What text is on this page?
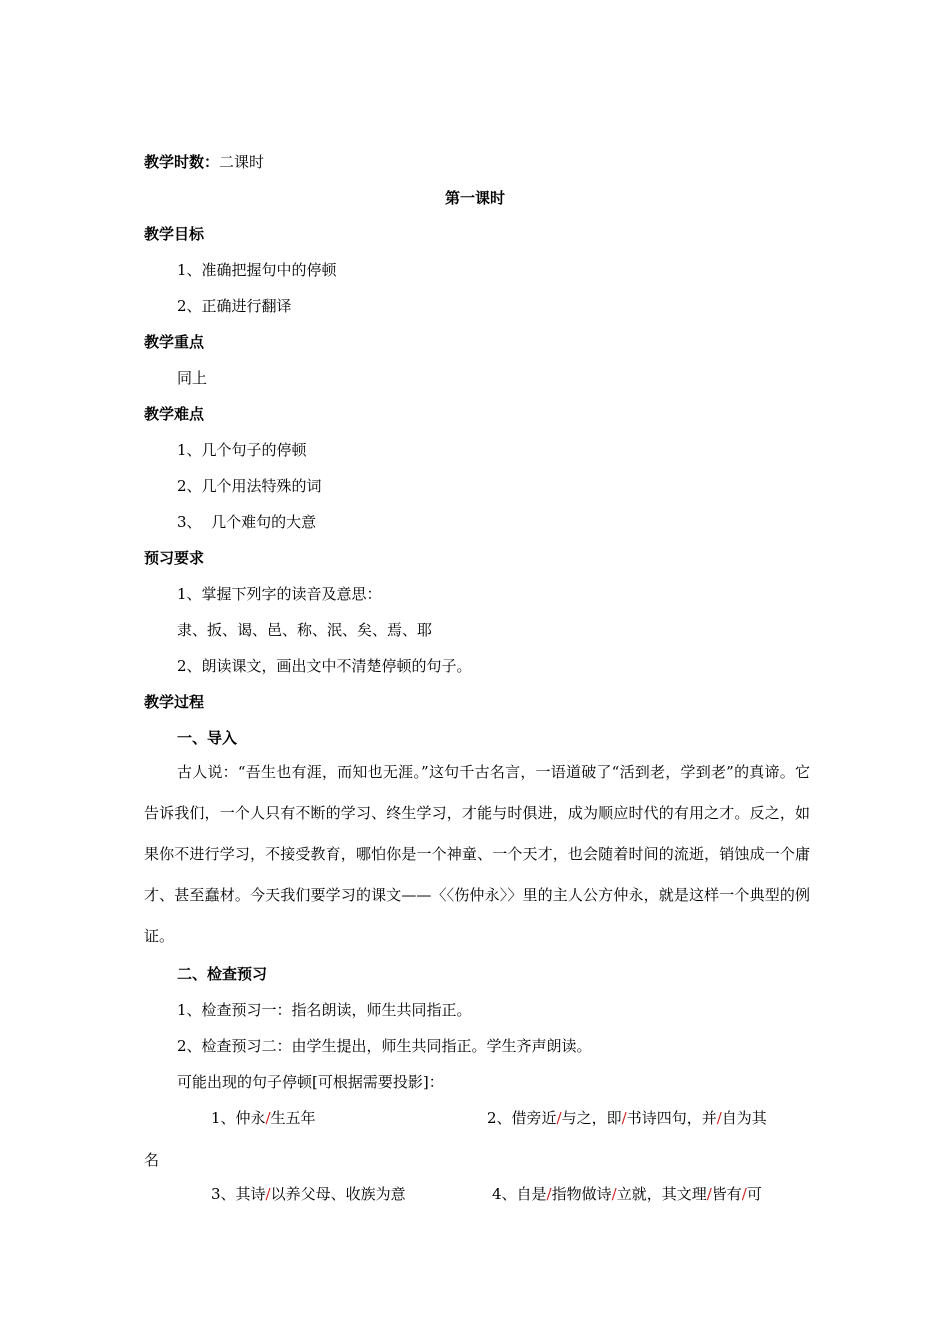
教学时数：二课时
第一课时
教学目标
1、准确把握句中的停顿
2、正确进行翻译
教学重点
同上
教学难点
1、几个句子的停顿
2、几个用法特殊的词
3、  几个难句的大意
预习要求
1、掌握下列字的读音及意思：
隶、扳、谒、邑、称、泯、矣、焉、耶
2、朗读课文，画出文中不清楚停顿的句子。
教学过程
一、导入
古人说：“吾生也有涯，而知也无涯。”这句千古名言，一语道破了“活到老，学到老”的真谛。它告诉我们，一个人只有不断的学习、终生学习，才能与时俱进，成为顺应时代的有用之才。反之，如果你不进行学习，不接受教育，哪怕你是一个神童、一个天才，也会随着时间的流逝，销蚀成一个庸才、甚至蠢材。今天我们要学习的课文——〈〈伤仲永〉〉里的主人公方仲永，就是这样一个典型的例证。
二、检查预习
1、检查预习一：指名朗读，师生共同指正。
2、检查预习二：由学生提出，师生共同指正。学生齐声朗读。
可能出现的句子停顿[可根据需要投影]：
1、仲永/生五年	2、借旁近/与之，即/书诗四句，并/自为其
名
3、其诗/以养父母、收族为意	4、自是/指物做诗/立就，其文理/皆有/可
